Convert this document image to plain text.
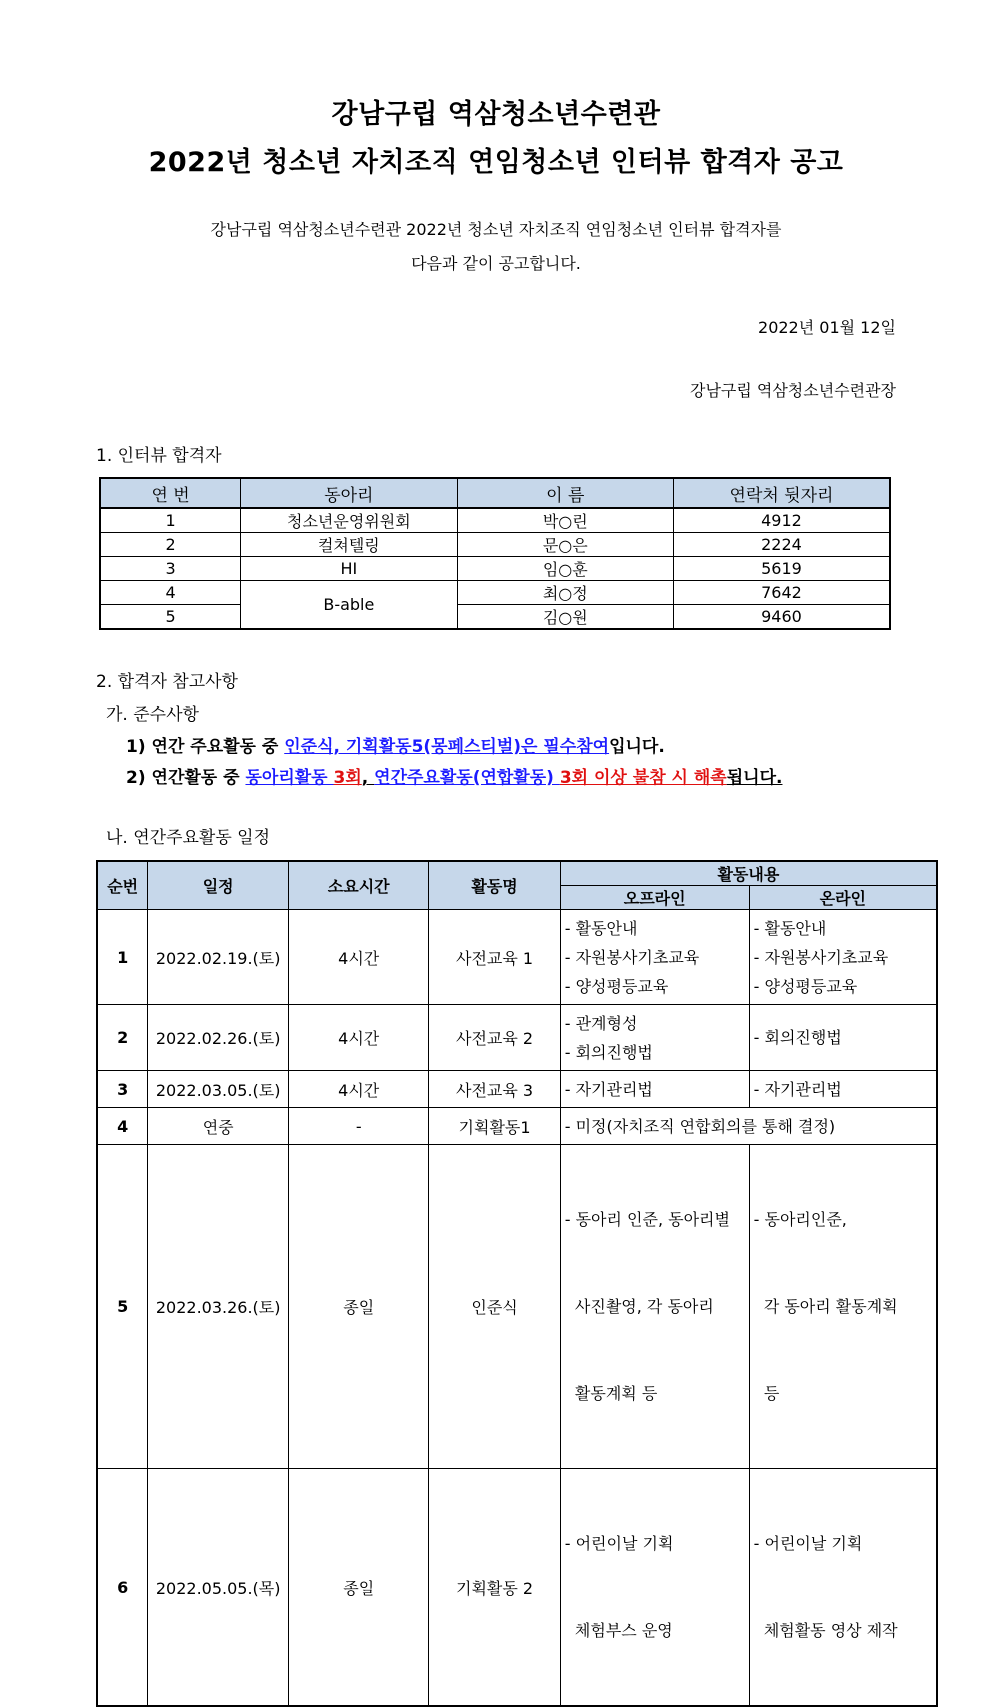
강남구립 역삼청소년수련관
2022년 청소년 자치조직 연임청소년 인터뷰 합격자 공고
강남구립 역삼청소년수련관 2022년 청소년 자치조직 연임청소년 인터뷰 합격자를
다음과 같이 공고합니다.
2022년 01월 12일
강남구립 역삼청소년수련관장
1. 인터뷰 합격자
연 번	동아리	이 름	연락처 뒷자리
1	청소년운영위원회	박○린	4912
2	컬쳐텔링	문○은	2224
3	HI	임○훈	5619
4	B-able	최○정	7642
5		김○원	9460
2. 합격자 참고사항
가. 준수사항
1) 연간 주요활동 중 인준식, 기획활동5(몽페스티벌)은 필수참여입니다.
2) 연간활동 중 동아리활동 3회, 연간주요활동(연합활동) 3회 이상 불참 시 해촉됩니다.
나. 연간주요활동 일정
순번	일정	소요시간	활동명	활동내용	
				오프라인	온라인
1	2022.02.19.(토)	4시간	사전교육 1	- 활동안내
- 자원봉사기초교육
- 양성평등교육	- 활동안내
- 자원봉사기초교육
- 양성평등교육

2	2022.02.26.(토)	4시간	사전교육 2	- 관계형성
- 회의진행법	- 회의진행법

3	2022.03.05.(토)	4시간	사전교육 3	- 자기관리법	- 자기관리법

4	연중	-	기획활동1	- 미정(자치조직 연합회의를 통해 결정)	
5	2022.03.26.(토)	종일	인준식	- 동아리 인준, 동아리별

사진촬영, 각 동아리

활동계획 등	- 동아리인준,

각 동아리 활동계획

등

6	2022.05.05.(목)	종일	기획활동 2	- 어린이날 기획

체험부스 운영	- 어린이날 기획

체험활동 영상 제작
